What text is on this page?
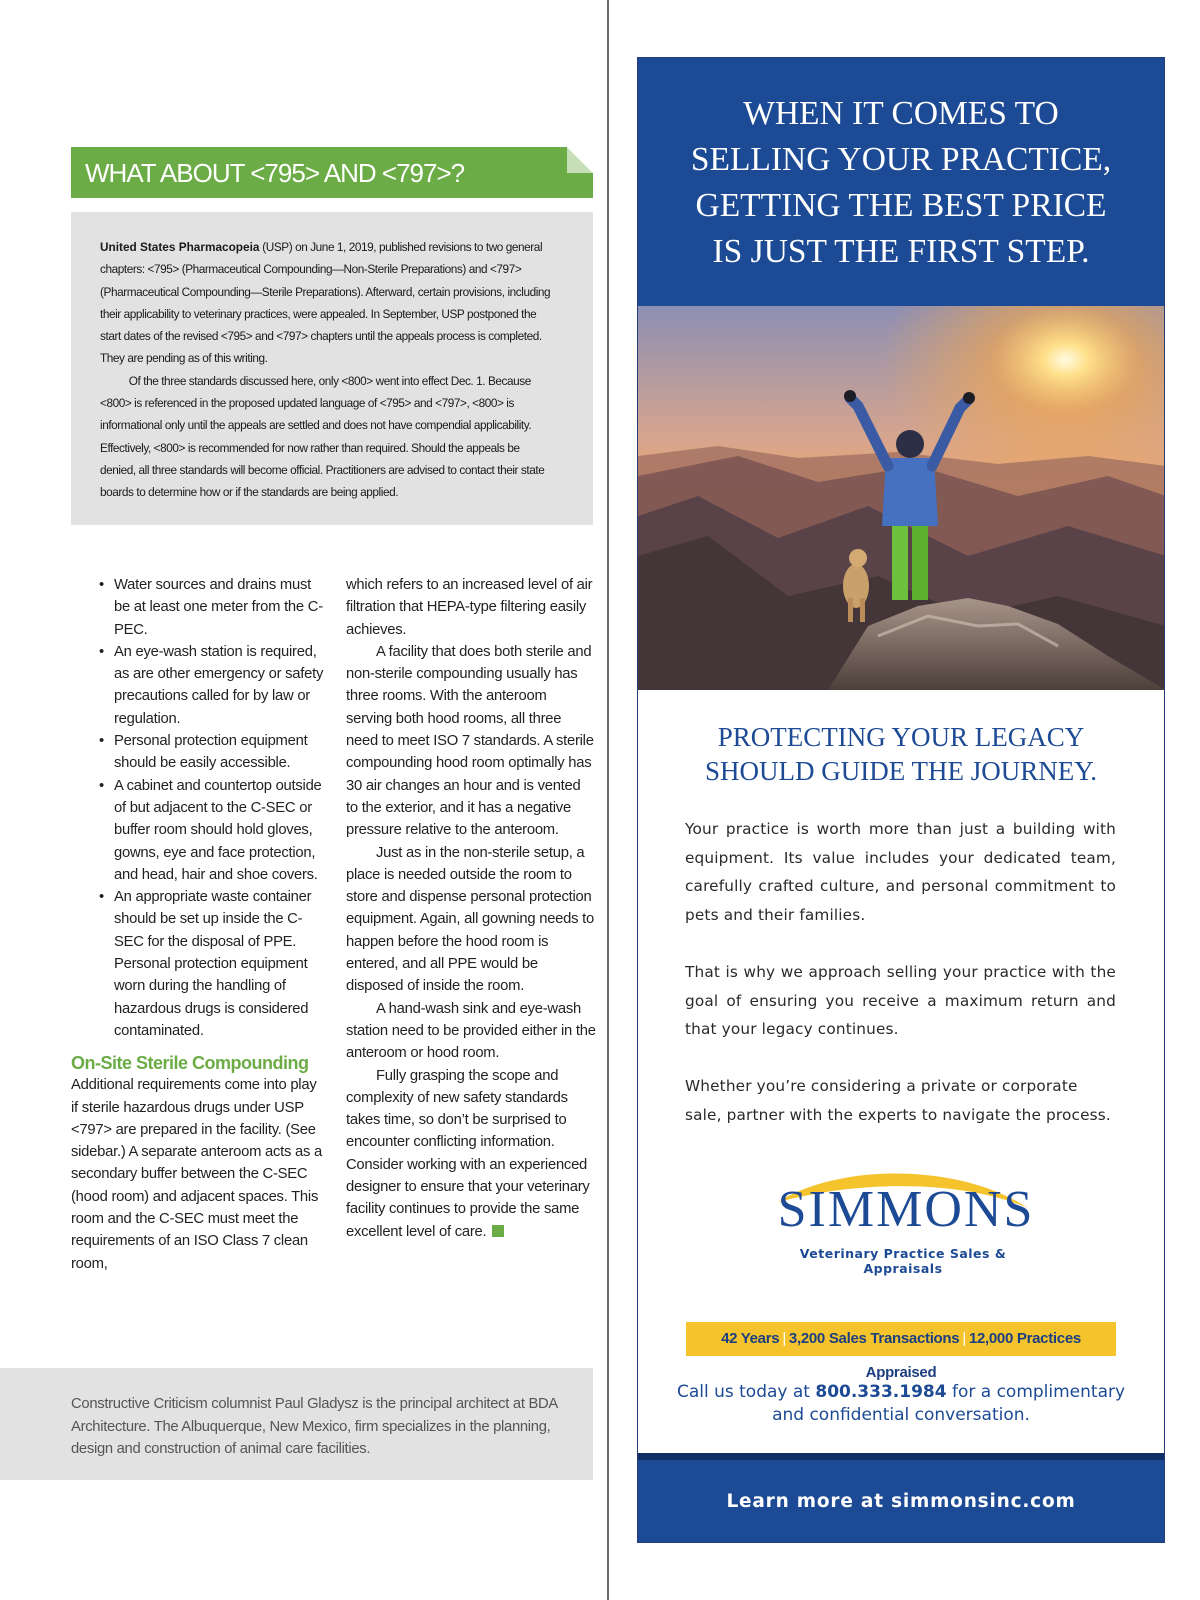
WHAT ABOUT <795> AND <797>?

United States Pharmacopeia (USP) on June 1, 2019, published revisions to two general chapters: <795> (Pharmaceutical Compounding—Non-Sterile Preparations) and <797> (Pharmaceutical Compounding—Sterile Preparations). Afterward, certain provisions, including their applicability to veterinary practices, were appealed. In September, USP postponed the start dates of the revised <795> and <797> chapters until the appeals process is completed. They are pending as of this writing.

Of the three standards discussed here, only <800> went into effect Dec. 1. Because <800> is referenced in the proposed updated language of <795> and <797>, <800> is informational only until the appeals are settled and does not have compendial applicability. Effectively, <800> is recommended for now rather than required. Should the appeals be denied, all three standards will become official. Practitioners are advised to contact their state boards to determine how or if the standards are being applied.

• Water sources and drains must be at least one meter from the C-PEC.
• An eye-wash station is required, as are other emergency or safety precautions called for by law or regulation.
• Personal protection equipment should be easily accessible.
• A cabinet and countertop outside of but adjacent to the C-SEC or buffer room should hold gloves, gowns, eye and face protection, and head, hair and shoe covers.
• An appropriate waste container should be set up inside the C-SEC for the disposal of PPE. Personal protection equipment worn during the handling of hazardous drugs is considered contaminated.
On-Site Sterile Compounding

Additional requirements come into play if sterile hazardous drugs under USP <797> are prepared in the facility. (See sidebar.) A separate anteroom acts as a secondary buffer between the C-SEC (hood room) and adjacent spaces. This room and the C-SEC must meet the requirements of an ISO Class 7 clean room,

which refers to an increased level of air filtration that HEPA-type filtering easily achieves.

A facility that does both sterile and non-sterile compounding usually has three rooms. With the anteroom serving both hood rooms, all three need to meet ISO 7 standards. A sterile compounding hood room optimally has 30 air changes an hour and is vented to the exterior, and it has a negative pressure relative to the anteroom.

Just as in the non-sterile setup, a place is needed outside the room to store and dispense personal protection equipment. Again, all gowning needs to happen before the hood room is entered, and all PPE would be disposed of inside the room.

A hand-wash sink and eye-wash station need to be provided either in the anteroom or hood room.

Fully grasping the scope and complexity of new safety standards takes time, so don’t be surprised to encounter conflicting information. Consider working with an experienced designer to ensure that your veterinary facility continues to provide the same excellent level of care.

Constructive Criticism columnist Paul Gladysz is the principal architect at BDA Architecture. The Albuquerque, New Mexico, firm specializes in the planning, design and construction of animal care facilities.
WHEN IT COMES TO
SELLING YOUR PRACTICE,
GETTING THE BEST PRICE
IS JUST THE FIRST STEP.
PROTECTING YOUR LEGACY
SHOULD GUIDE THE JOURNEY.

Your practice is worth more than just a building with equipment. Its value includes your dedicated team, carefully crafted culture, and personal commitment to pets and their families.

That is why we approach selling your practice with the goal of ensuring you receive a maximum return and that your legacy continues.

Whether you’re considering a private or corporate sale, partner with the experts to navigate the process.

SIMMONS
Veterinary Practice Sales & Appraisals
42 Years | 3,200 Sales Transactions | 12,000 Practices Appraised
Call us today at 800.333.1984 for a complimentary
and confidential conversation.
Learn more at simmonsinc.com
